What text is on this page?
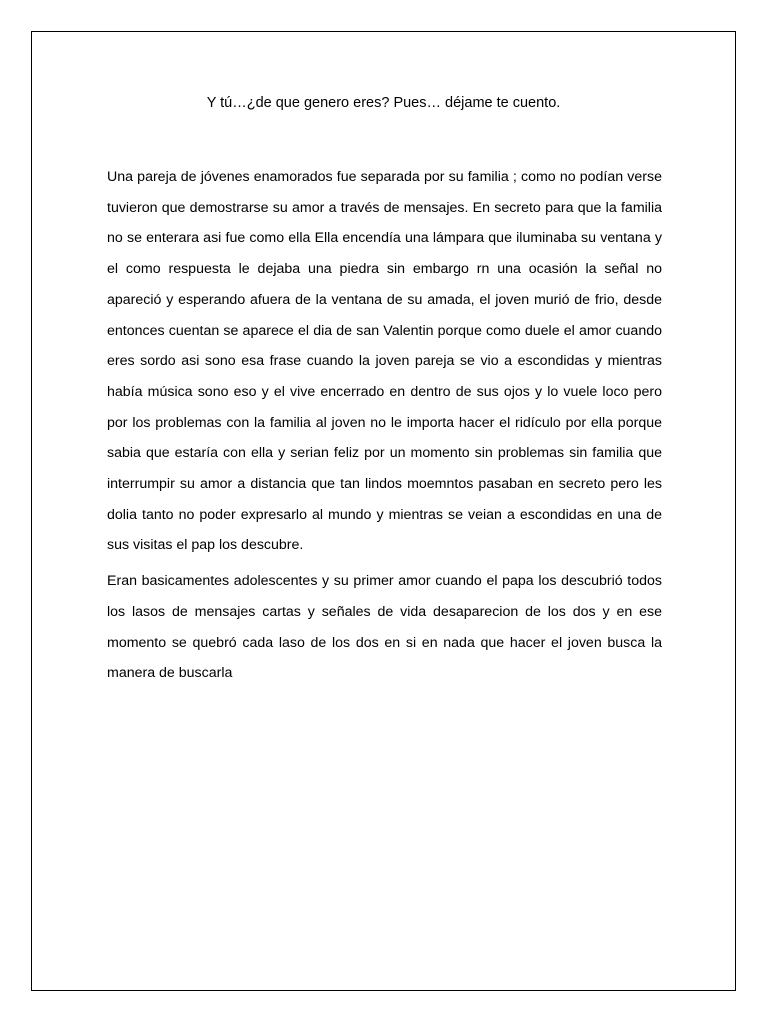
Y tú…¿de que genero eres? Pues… déjame te cuento.

Una pareja de jóvenes enamorados fue separada por su familia ; como no podían verse tuvieron que demostrarse su amor a través de mensajes. En secreto para que la familia no se enterara asi fue como ella Ella encendía una lámpara que iluminaba su ventana y el como respuesta le dejaba una piedra sin embargo rn una ocasión la señal no apareció y esperando afuera de la ventana de su amada, el joven murió de frio, desde entonces cuentan se aparece el dia de san Valentin porque como duele el amor cuando eres sordo asi sono esa frase cuando la joven pareja se vio a escondidas y mientras había música sono eso y el vive encerrado en dentro de sus ojos y lo vuele loco pero por los problemas con la familia al joven no le importa hacer el ridículo por ella porque sabia que estaría con ella y serian feliz por un momento sin problemas sin familia que interrumpir su amor a distancia que tan lindos moemntos pasaban en secreto pero les dolia tanto no poder expresarlo al mundo y mientras se veian a escondidas en una de sus visitas el pap los descubre.

Eran basicamentes adolescentes y su primer amor cuando el papa los descubrió todos los lasos de mensajes cartas y señales de vida desaparecion de los dos y en ese momento se quebró cada laso de los dos en si en nada que hacer el joven busca la manera de buscarla
